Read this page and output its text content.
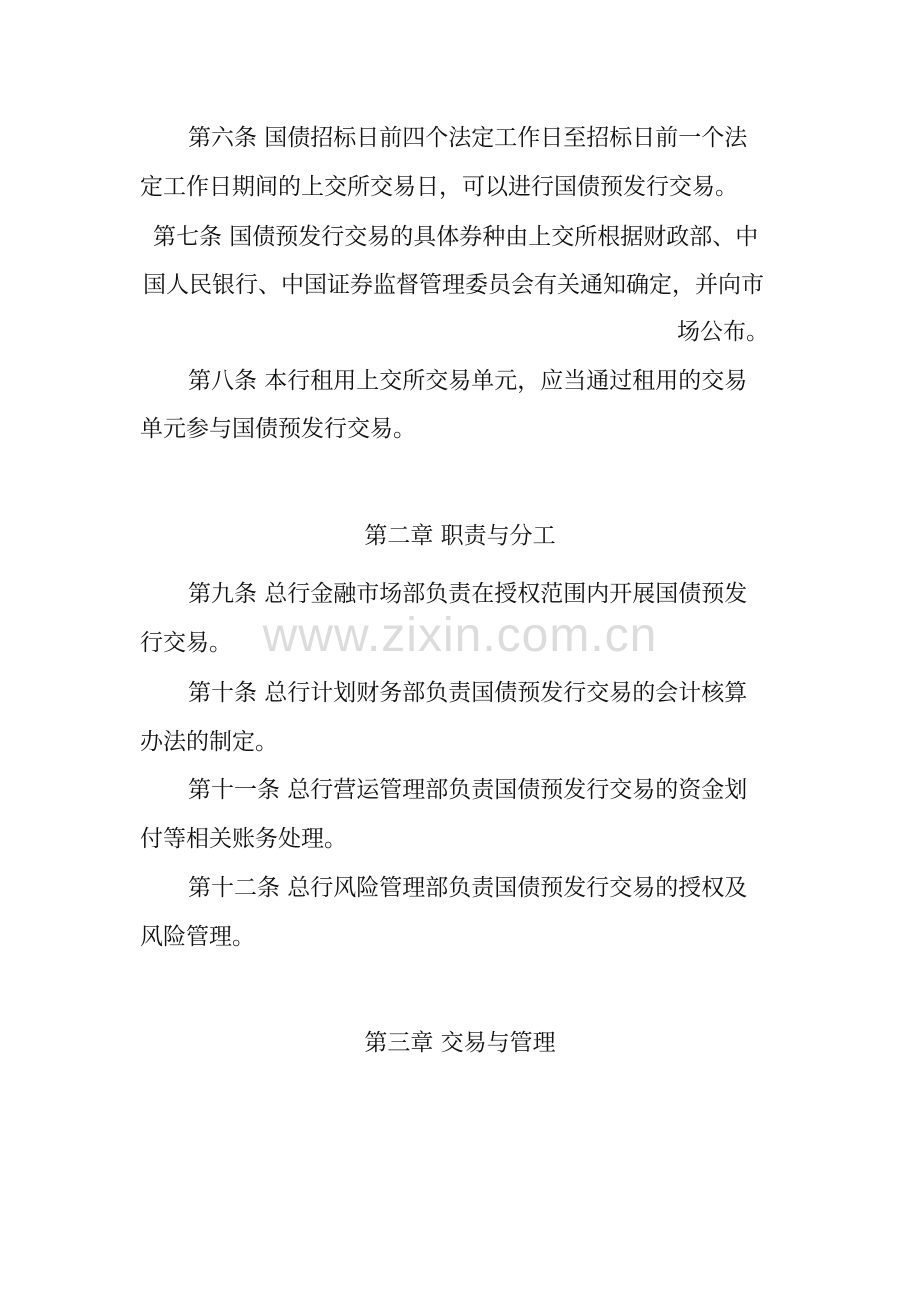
www.zixin.com.cn
第六条 国债招标日前四个法定工作日至招标日前一个法
定工作日期间的上交所交易日，可以进行国债预发行交易。
第七条 国债预发行交易的具体券种由上交所根据财政部、中
国人民银行、中国证券监督管理委员会有关通知确定，并向市
场公布。
第八条 本行租用上交所交易单元，应当通过租用的交易
单元参与国债预发行交易。
第二章 职责与分工
第九条 总行金融市场部负责在授权范围内开展国债预发
行交易。
第十条 总行计划财务部负责国债预发行交易的会计核算
办法的制定。
第十一条 总行营运管理部负责国债预发行交易的资金划
付等相关账务处理。
第十二条 总行风险管理部负责国债预发行交易的授权及
风险管理。
第三章 交易与管理
